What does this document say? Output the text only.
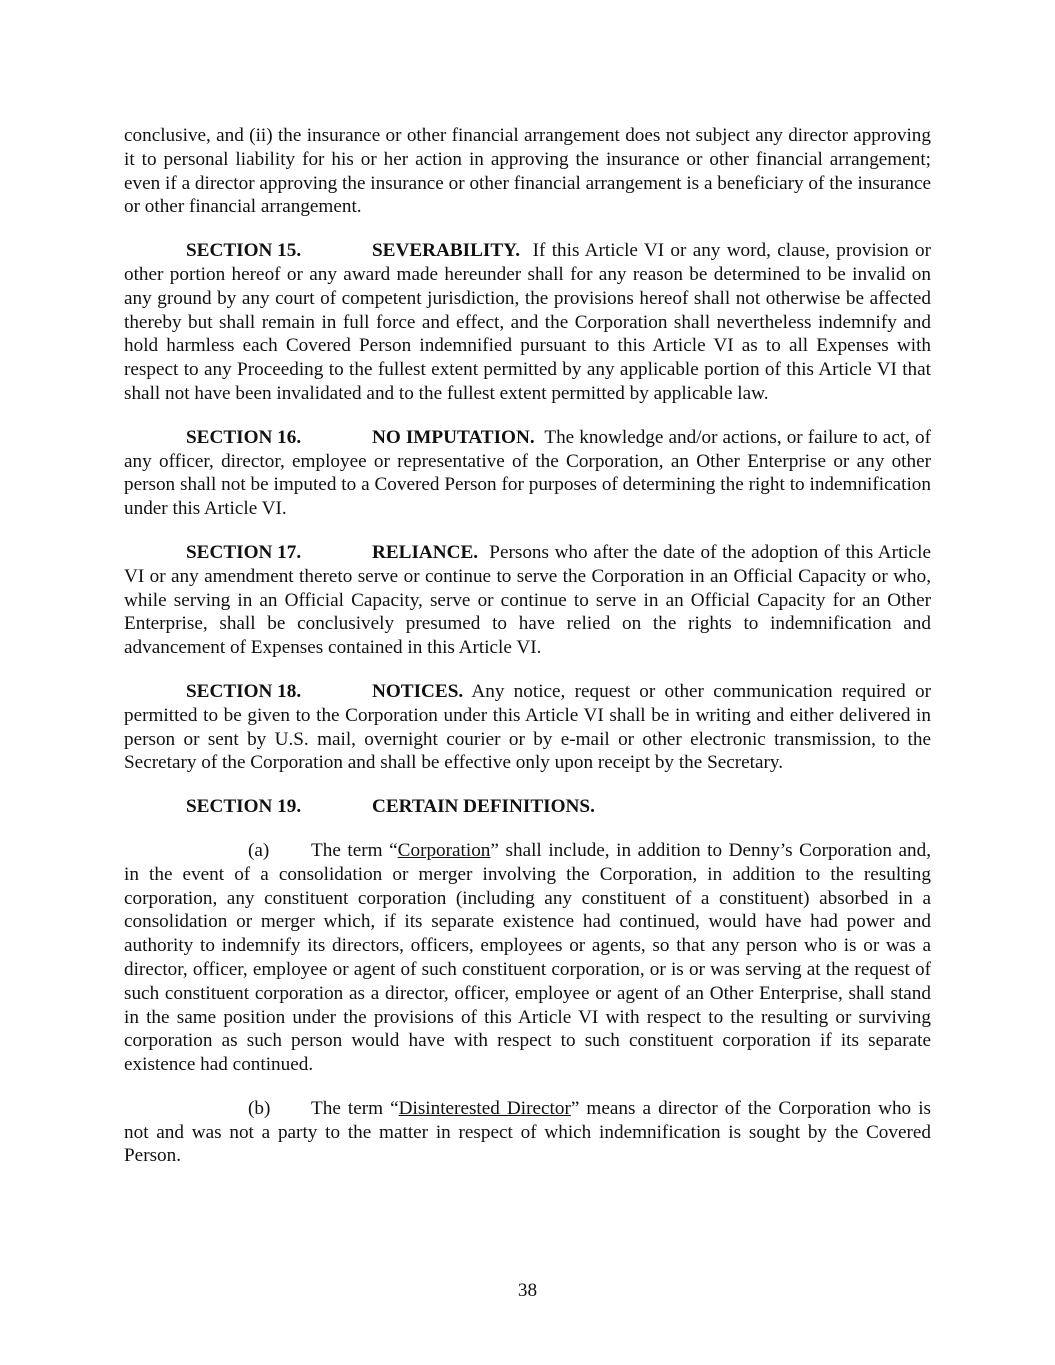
conclusive, and (ii) the insurance or other financial arrangement does not subject any director approving it to personal liability for his or her action in approving the insurance or other financial arrangement; even if a director approving the insurance or other financial arrangement is a beneficiary of the insurance or other financial arrangement.

SECTION 15.	SEVERABILITY. If this Article VI or any word, clause, provision or other portion hereof or any award made hereunder shall for any reason be determined to be invalid on any ground by any court of competent jurisdiction, the provisions hereof shall not otherwise be affected thereby but shall remain in full force and effect, and the Corporation shall nevertheless indemnify and hold harmless each Covered Person indemnified pursuant to this Article VI as to all Expenses with respect to any Proceeding to the fullest extent permitted by any applicable portion of this Article VI that shall not have been invalidated and to the fullest extent permitted by applicable law.

SECTION 16.	NO IMPUTATION. The knowledge and/or actions, or failure to act, of any officer, director, employee or representative of the Corporation, an Other Enterprise or any other person shall not be imputed to a Covered Person for purposes of determining the right to indemnification under this Article VI.

SECTION 17.	RELIANCE. Persons who after the date of the adoption of this Article VI or any amendment thereto serve or continue to serve the Corporation in an Official Capacity or who, while serving in an Official Capacity, serve or continue to serve in an Official Capacity for an Other Enterprise, shall be conclusively presumed to have relied on the rights to indemnification and advancement of Expenses contained in this Article VI.

SECTION 18.	NOTICES. Any notice, request or other communication required or permitted to be given to the Corporation under this Article VI shall be in writing and either delivered in person or sent by U.S. mail, overnight courier or by e-mail or other electronic transmission, to the Secretary of the Corporation and shall be effective only upon receipt by the Secretary.

SECTION 19.	CERTAIN DEFINITIONS.

(a) The term “Corporation” shall include, in addition to Denny’s Corporation and, in the event of a consolidation or merger involving the Corporation, in addition to the resulting corporation, any constituent corporation (including any constituent of a constituent) absorbed in a consolidation or merger which, if its separate existence had continued, would have had power and authority to indemnify its directors, officers, employees or agents, so that any person who is or was a director, officer, employee or agent of such constituent corporation, or is or was serving at the request of such constituent corporation as a director, officer, employee or agent of an Other Enterprise, shall stand in the same position under the provisions of this Article VI with respect to the resulting or surviving corporation as such person would have with respect to such constituent corporation if its separate existence had continued.

(b) The term “Disinterested Director” means a director of the Corporation who is not and was not a party to the matter in respect of which indemnification is sought by the Covered Person.

38
